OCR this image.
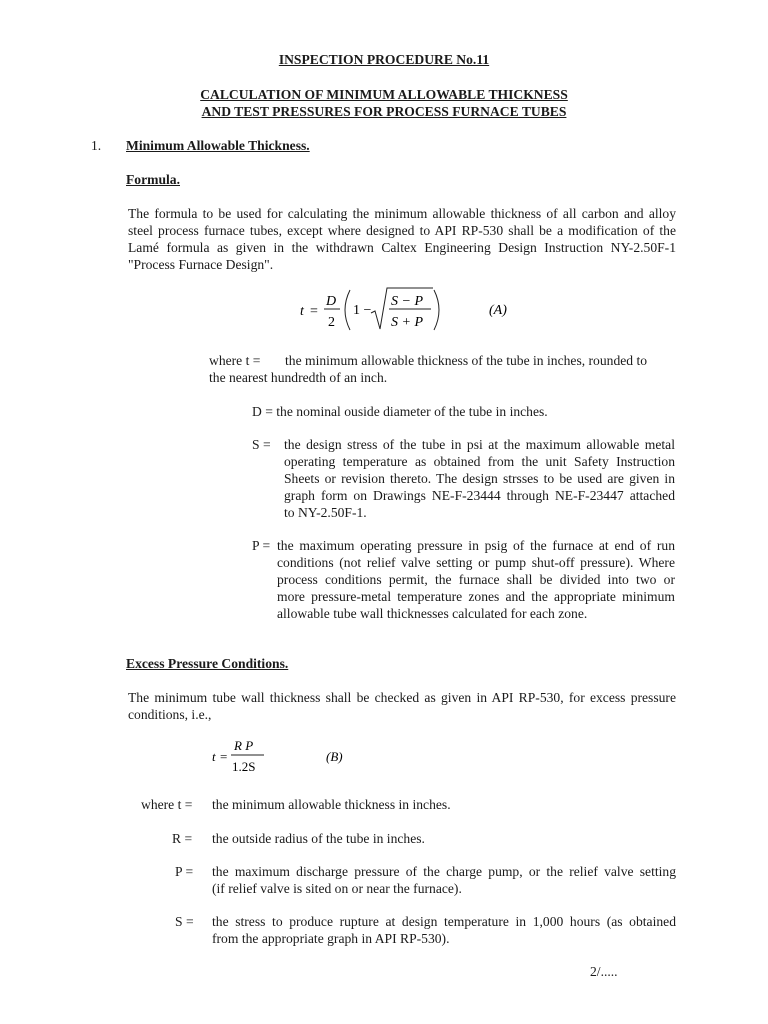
INSPECTION PROCEDURE No.11
CALCULATION OF MINIMUM ALLOWABLE THICKNESS
AND TEST PRESSURES FOR PROCESS FURNACE TUBES
1. Minimum Allowable Thickness.
Formula.
The formula to be used for calculating the minimum allowable thickness of all carbon and alloy
steel process furnace tubes, except where designed to API RP-530 shall be a modification of the
Lamé formula as given in the withdrawn Caltex Engineering Design Instruction NY-2.50F-1
"Process Furnace Design".
t =
D
2
1 −
S − P
S + P
(A)
where t = the minimum allowable thickness of the tube in inches, rounded to
the nearest hundredth of an inch.
D = the nominal ouside diameter of the tube in inches.
S = the design stress of the tube in psi at the maximum allowable metal
operating temperature as obtained from the unit Safety Instruction
Sheets or revision thereto. The design strsses to be used are given in
graph form on Drawings NE-F-23444 through NE-F-23447 attached
to NY-2.50F-1.
P = the maximum operating pressure in psig of the furnace at end of run
conditions (not relief valve setting or pump shut-off pressure). Where
process conditions permit, the furnace shall be divided into two or
more pressure-metal temperature zones and the appropriate minimum
allowable tube wall thicknesses calculated for each zone.
Excess Pressure Conditions.
The minimum tube wall thickness shall be checked as given in API RP-530, for excess pressure
conditions, i.e.,
t =
R P
1.2S
(B)
where t = the minimum allowable thickness in inches.
R = the outside radius of the tube in inches.
P = the maximum discharge pressure of the charge pump, or the relief valve setting
(if relief valve is sited on or near the furnace).
S = the stress to produce rupture at design temperature in 1,000 hours (as obtained
from the appropriate graph in API RP-530).
2/.....
